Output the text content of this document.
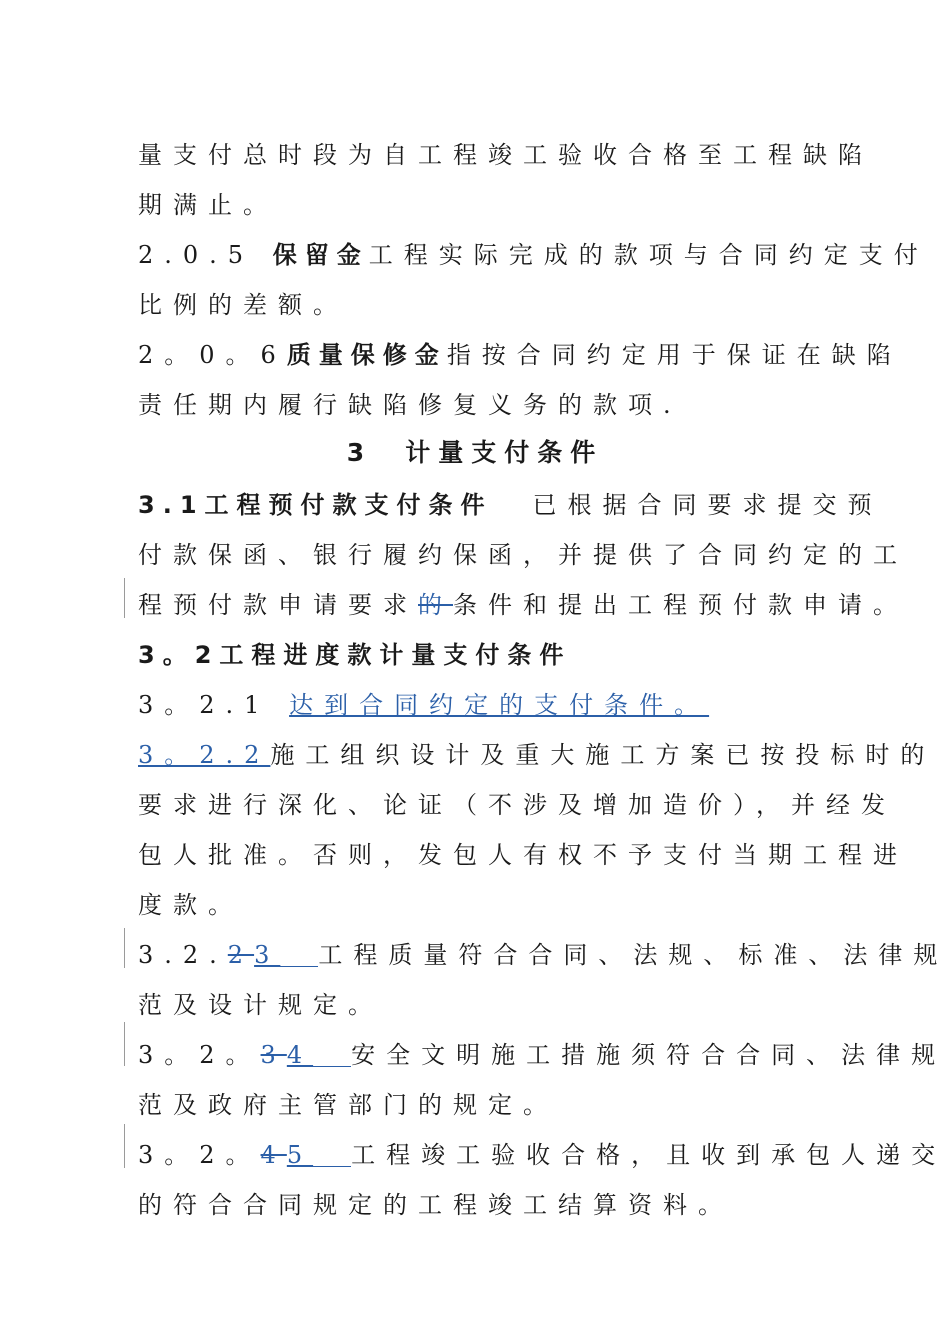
量支付总时段为自工程竣工验收合格至工程缺陷
期满止。
2.0.5 保留金工程实际完成的款项与合同约定支付
比例的差额。
2。0。6质量保修金指按合同约定用于保证在缺陷
责任期内履行缺陷修复义务的款项.
3　计量支付条件
3.1工程预付款支付条件 已根据合同要求提交预
付款保函、银行履约保函，并提供了合同约定的工
程预付款申请要求的条件和提出工程预付款申请。
3。2工程进度款计量支付条件
3。2.1 达到合同约定的支付条件。
3。2.2施工组织设计及重大施工方案已按投标时的
要求进行深化、论证（不涉及增加造价），并经发
包人批准。否则，发包人有权不予支付当期工程进
度款。
3.2.23 工程质量符合合同、法规、标准、法律规
范及设计规定。
3。2。34 安全文明施工措施须符合合同、法律规
范及政府主管部门的规定。
3。2。45 工程竣工验收合格，且收到承包人递交
的符合合同规定的工程竣工结算资料。
